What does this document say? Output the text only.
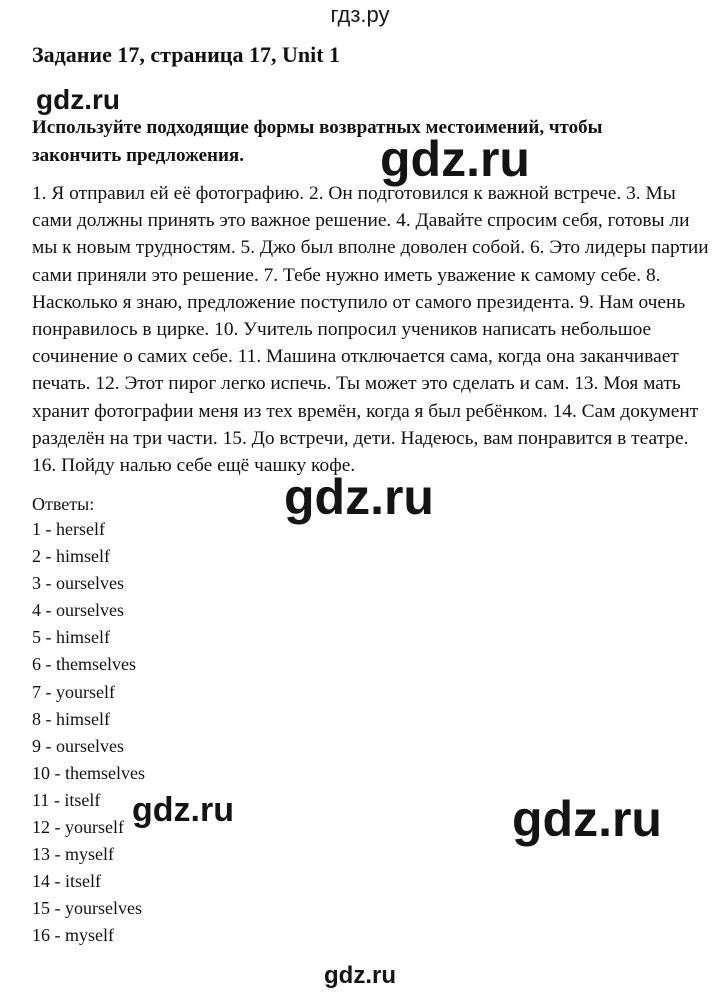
гдз.ру
Задание 17, страница 17, Unit 1
Используйте подходящие формы возвратных местоимений, чтобы закончить предложения.
1. Я отправил ей её фотографию. 2. Он подготовился к важной встрече. 3. Мы сами должны принять это важное решение. 4. Давайте спросим себя, готовы ли мы к новым трудностям. 5. Джо был вполне доволен собой. 6. Это лидеры партии сами приняли это решение. 7. Тебе нужно иметь уважение к самому себе. 8. Насколько я знаю, предложение поступило от самого президента. 9. Нам очень понравилось в цирке. 10. Учитель попросил учеников написать небольшое сочинение о самих себе. 11. Машина отключается сама, когда она заканчивает печать. 12. Этот пирог легко испечь. Ты может это сделать и сам. 13. Моя мать хранит фотографии меня из тех времён, когда я был ребёнком. 14. Сам документ разделён на три части. 15. До встречи, дети. Надеюсь, вам понравится в театре. 16. Пойду налью себе ещё чашку кофе.
Ответы:
1 - herself
2 - himself
3 - ourselves
4 - ourselves
5 - himself
6 - themselves
7 - yourself
8 - himself
9 - ourselves
10 - themselves
11 - itself
12 - yourself
13 - myself
14 - itself
15 - yourselves
16 - myself
gdz.ru
gdz.ru
gdz.ru
gdz.ru	gdz.ru
gdz.ru
